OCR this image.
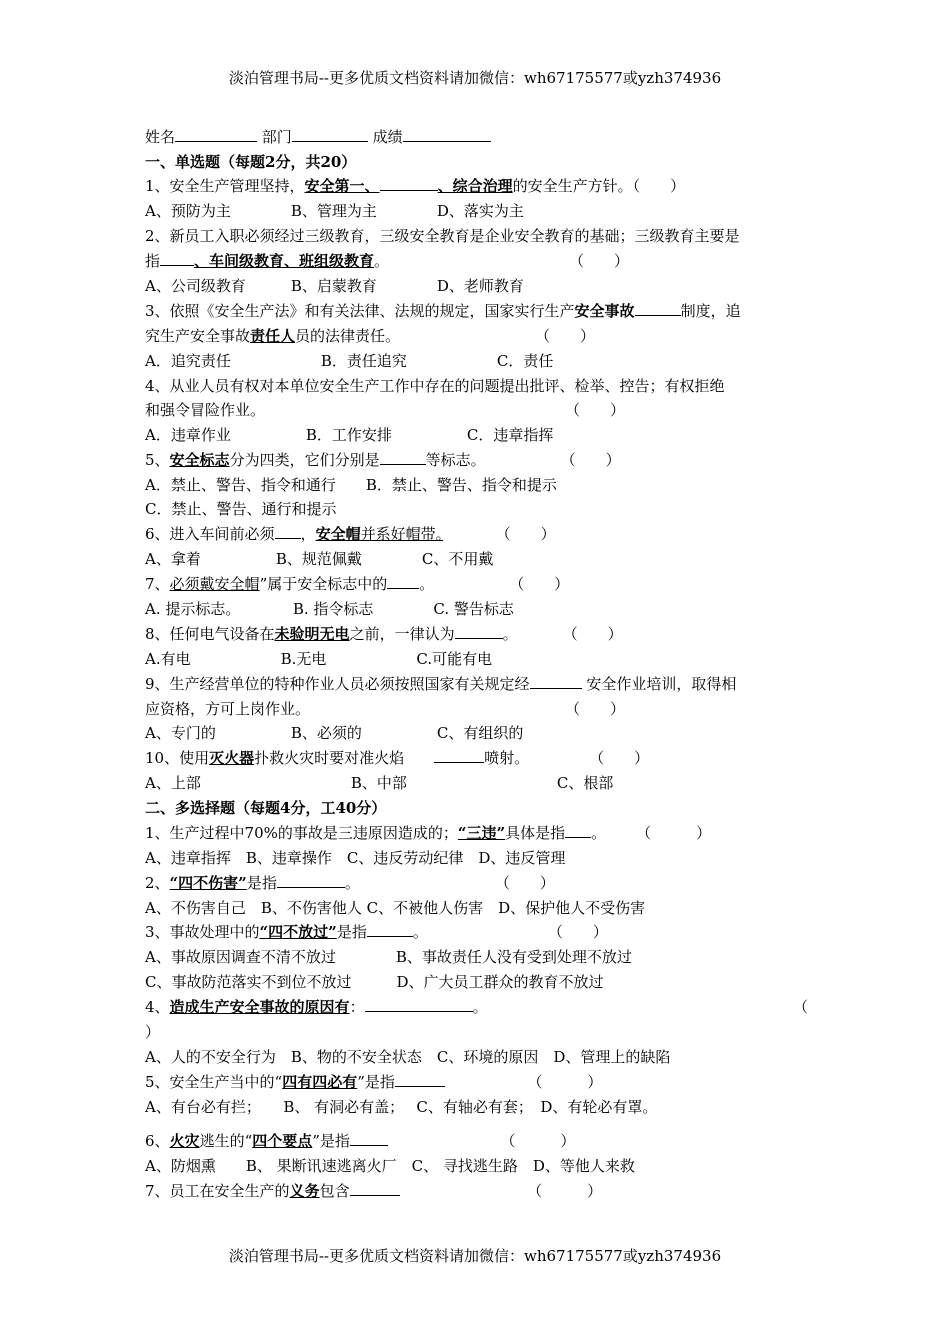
淡泊管理书局--更多优质文档资料请加微信：wh67175577或yzh374936
姓名	部门	成绩
一、单选题（每题2分，共20）
1、安全生产管理坚持，安全第一、	、综合治理的安全生产方针。（　　）
A、预防为主　　　　B、管理为主　　　　D、落实为主
2、新员工入职必须经过三级教育，三级安全教育是企业安全教育的基础；三级教育主要是
指 、车间级教育、班组级教育。　　　　　　　　　　　　　（　　）
A、公司级教育　　　B、启蒙教育　　　　D、老师教育
3、依照《安全生产法》和有关法律、法规的规定，国家实行生产安全事故	制度，追
究生产安全事故责任人员的法律责任。　　　　　　　　　　（　　）
A．追究责任　　　　　　B．责任追究　　　　　　C．责任
4、从业人员有权对本单位安全生产工作中存在的问题提出批评、检举、控告；有权拒绝
和强令冒险作业。　　　　　　　　　　　　　　　　　　　　　（　　）
A．违章作业　　　　　B．工作安排　　　　　C．违章指挥
5、安全标志分为四类，它们分别是	等标志。　　　　　　（　　）
A．禁止、警告、指令和通行　　B．禁止、警告、指令和提示
C．禁止、警告、通行和提示
6、进入车间前必须 ，安全帽并系好帽带。　　　　（　　）
A、拿着　　　　　B、规范佩戴　　　　C、不用戴
7、必须戴安全帽”属于安全标志中的 。　　　　　　（　　）
A. 提示标志。　　　　B. 指令标志　　　　C. 警告标志
8、任何电气设备在未验明无电之前，一律认为	。　　　　（　　）
A.有电　　　　　　B.无电　　　　　　C.可能有电
9、生产经营单位的特种作业人员必须按照国家有关规定经	安全作业培训，取得相
应资格，方可上岗作业。　　　　　　　　　　　　　　　　　　（　　）
A、专门的　　　　　B、必须的　　　　　C、有组织的
10、使用灭火器扑救火灾时要对准火焰　　	喷射。　　　　　（　　）
A、上部　　　　　　　　　　B、中部　　　　　　　　　　C、根部
二、多选择题（每题4分，工40分）
1、生产过程中70%的事故是三违原因造成的；“三违”具体是指 。　　　（　　　）
A、违章指挥　B、违章操作　C、违反劳动纪律　D、违反管理
2、“四不伤害”是指	。　　　　　　　　　　（　　）
A、不伤害自己　B、不伤害他人 C、不被他人伤害　D、保护他人不受伤害
3、事故处理中的“四不放过”是指	。　　　　　　　　　（　　）
A、事故原因调查不清不放过　　　　B、事故责任人没有受到处理不放过
C、事故防范落实不到位不放过　　　D、广大员工群众的教育不放过
4、造成生产安全事故的原因有：	。	（
）
A、人的不安全行为　B、物的不安全状态　C、环境的原因　D、管理上的缺陷
5、安全生产当中的“四有四必有”是指	　　　　　　（　　　）
A、有台必有拦；　　B、 有洞必有盖；　 C、有轴必有套；　D、有轮必有罩。
6、火灾逃生的“四个要点”是指	　　　　　　　　（　　　）
A、防烟熏　　B、 果断讯速逃离火厂　C、 寻找逃生路　D、等他人来救
7、员工在安全生产的义务包含	　　　　　　　　　（　　　）
淡泊管理书局--更多优质文档资料请加微信：wh67175577或yzh374936
